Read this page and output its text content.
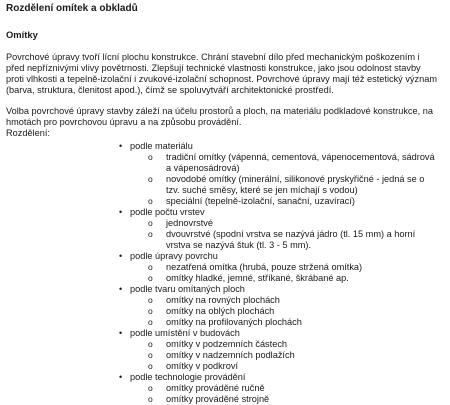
Rozdělení omítek a obkladů

Omítky

Povrchové úpravy tvoří lícní plochu konstrukce. Chrání stavební dílo před mechanickým poškozením i před nepříznivými vlivy povětrnosti. Zlepšují technické vlastnosti konstrukce, jako jsou odolnost stavby proti vlhkosti a tepelně-izolační i zvukové-izolační schopnost. Povrchové úpravy mají též estetický význam (barva, struktura, členitost apod.), čímž se spoluvytváří architektonické prostředí.

Volba povrchové úpravy stavby záleží na účelu prostorů a ploch, na materiálu podkladové konstrukce, na hmotách pro povrchovou úpravu a na způsobu provádění.

Rozdělení:

• podle materiálu
o tradiční omítky (vápenná, cementová, vápenocementová, sádrová a vápenosádrová)
o novodobé omítky (minerální, silikonové pryskyřičné - jedná se o tzv. suché směsy, které se jen míchají s vodou)
o speciální (tepelně-izolační, sanační, uzavírací)
• podle počtu vrstev
o jednovrstvé
o dvouvrstvé (spodní vrstva se nazývá jádro (tl. 15 mm) a horní vrstva se nazývá štuk (tl. 3 - 5 mm).
• podle úpravy povrchu
o nezatřená omítka (hrubá, pouze stržená omítka)
o omítky hladké, jemné, stříkané, škrábané ap.
• podle tvaru omítaných ploch
o omítky na rovných plochách
o omítky na oblých plochách
o omítky na profilovaných plochách
• podle umístění v budovách
o omítky v podzemních částech
o omítky v nadzemních podlažích
o omítky v podkroví
• podle technologie provádění
o omítky prováděné ručně
o omítky prováděné strojně
